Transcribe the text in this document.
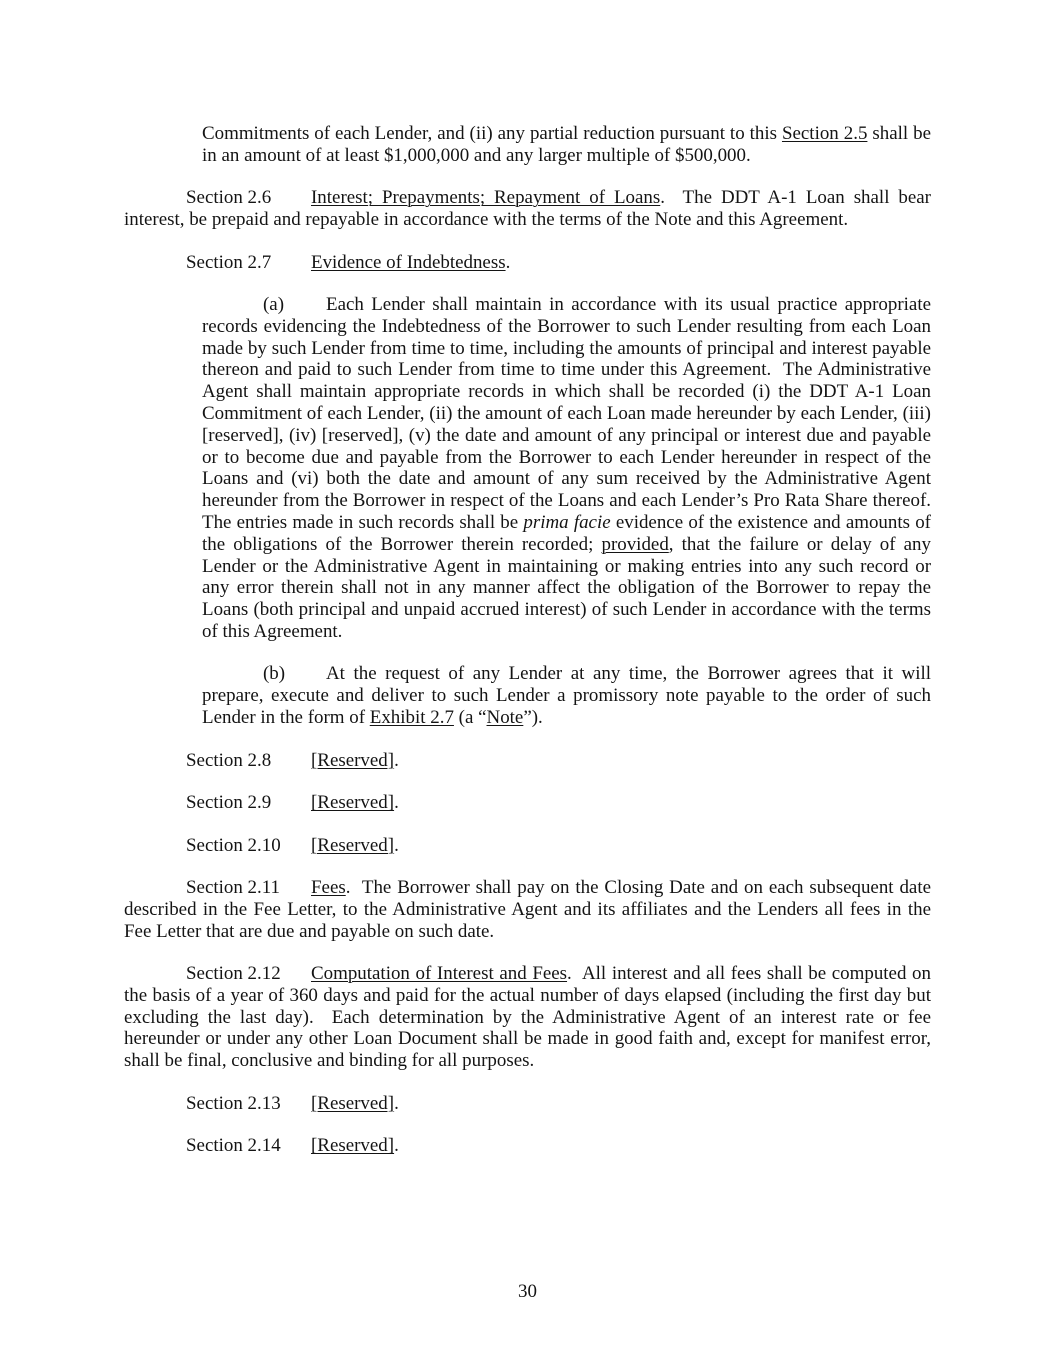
Commitments of each Lender, and (ii) any partial reduction pursuant to this Section 2.5 shall be in an amount of at least $1,000,000 and any larger multiple of $500,000.

Section 2.6 Interest; Prepayments; Repayment of Loans.  The DDT A-1 Loan shall bear interest, be prepaid and repayable in accordance with the terms of the Note and this Agreement.

Section 2.7 Evidence of Indebtedness.

(a) Each Lender shall maintain in accordance with its usual practice appropriate records evidencing the Indebtedness of the Borrower to such Lender resulting from each Loan made by such Lender from time to time, including the amounts of principal and interest payable thereon and paid to such Lender from time to time under this Agreement.  The Administrative Agent shall maintain appropriate records in which shall be recorded (i) the DDT A-1 Loan Commitment of each Lender, (ii) the amount of each Loan made hereunder by each Lender, (iii) [reserved], (iv) [reserved], (v) the date and amount of any principal or interest due and payable or to become due and payable from the Borrower to each Lender hereunder in respect of the Loans and (vi) both the date and amount of any sum received by the Administrative Agent hereunder from the Borrower in respect of the Loans and each Lender’s Pro Rata Share thereof.  The entries made in such records shall be prima facie evidence of the existence and amounts of the obligations of the Borrower therein recorded; provided, that the failure or delay of any Lender or the Administrative Agent in maintaining or making entries into any such record or any error therein shall not in any manner affect the obligation of the Borrower to repay the Loans (both principal and unpaid accrued interest) of such Lender in accordance with the terms of this Agreement.

(b) At the request of any Lender at any time, the Borrower agrees that it will prepare, execute and deliver to such Lender a promissory note payable to the order of such Lender in the form of Exhibit 2.7 (a “Note”).

Section 2.8 [Reserved].

Section 2.9 [Reserved].

Section 2.10 [Reserved].

Section 2.11 Fees.  The Borrower shall pay on the Closing Date and on each subsequent date described in the Fee Letter, to the Administrative Agent and its affiliates and the Lenders all fees in the Fee Letter that are due and payable on such date.

Section 2.12 Computation of Interest and Fees.  All interest and all fees shall be computed on the basis of a year of 360 days and paid for the actual number of days elapsed (including the first day but excluding the last day).  Each determination by the Administrative Agent of an interest rate or fee hereunder or under any other Loan Document shall be made in good faith and, except for manifest error, shall be final, conclusive and binding for all purposes.

Section 2.13 [Reserved].

Section 2.14 [Reserved].

30
